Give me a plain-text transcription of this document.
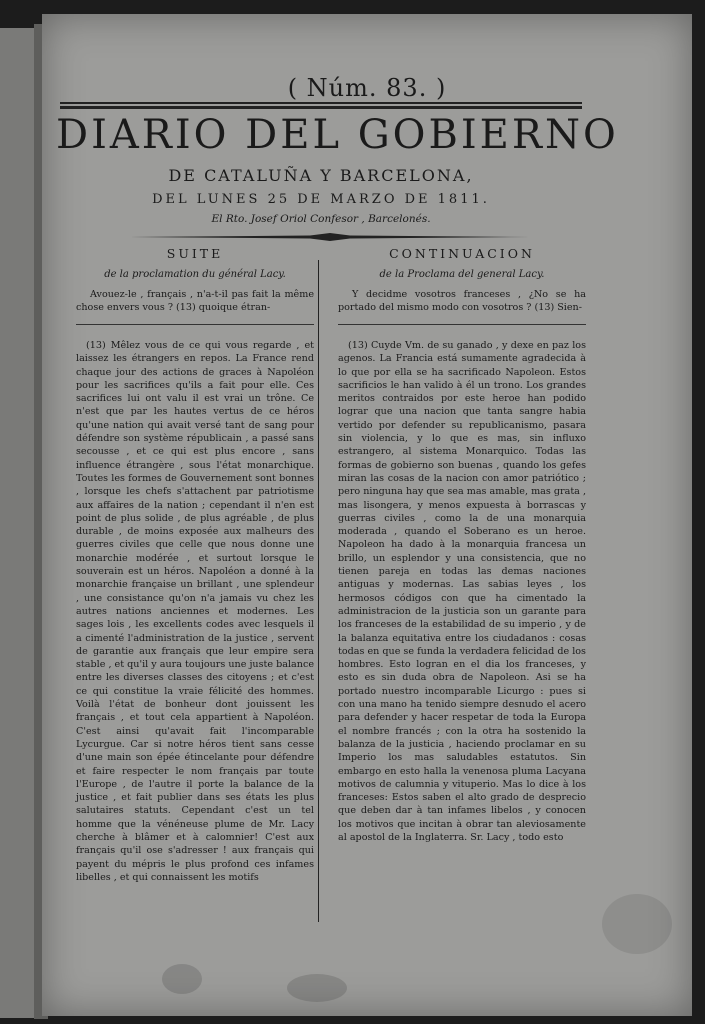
( Núm. 83. )
DIARIO DEL GOBIERNO
DE CATALUÑA Y BARCELONA,
DEL LUNES 25 DE MARZO DE 1811.
El Rto. Josef Oriol Confesor , Barcelonés.
SUITE
de la proclamation du général Lacy.
Avouez-le , français , n'a-t-il pas fait la même chose envers vous ? (13) quoique étran-
(13) Mêlez vous de ce qui vous regarde , et laissez les étrangers en repos. La France rend chaque jour des actions de graces à Napoléon pour les sacrifices qu'ils a fait pour elle. Ces sacrifices lui ont valu il est vrai un trône. Ce n'est que par les hautes vertus de ce héros qu'une nation qui avait versé tant de sang pour défendre son système républicain , a passé sans secousse , et ce qui est plus encore , sans influence étrangère , sous l'état monarchique. Toutes les formes de Gouvernement sont bonnes , lorsque les chefs s'attachent par patriotisme aux affaires de la nation ; cependant il n'en est point de plus solide , de plus agréable , de plus durable , de moins exposée aux malheurs des guerres civiles que celle que nous donne une monarchie modérée , et surtout lorsque le souverain est un héros. Napoléon a donné à la monarchie française un brillant , une splendeur , une consistance qu'on n'a jamais vu chez les autres nations anciennes et modernes. Les sages lois , les excellents codes avec lesquels il a cimenté l'administration de la justice , servent de garantie aux français que leur empire sera stable , et qu'il y aura toujours une juste balance entre les diverses classes des citoyens ; et c'est ce qui constitue la vraie félicité des hommes. Voilà l'état de bonheur dont jouissent les français , et tout cela appartient à Napoléon. C'est ainsi qu'avait fait l'incomparable Lycurgue. Car si notre héros tient sans cesse d'une main son épée étincelante pour défendre et faire respecter le nom français par toute l'Europe , de l'autre il porte la balance de la justice , et fait publier dans ses états les plus salutaires statuts. Cependant c'est un tel homme que la vénéneuse plume de Mr. Lacy cherche à blâmer et à calomnier! C'est aux français qu'il ose s'adresser ! aux français qui payent du mépris le plus profond ces infames libelles , et qui connaissent les motifs
CONTINUACION
de la Proclama del general Lacy.
Y decidme vosotros franceses , ¿No se ha portado del mismo modo con vosotros ? (13) Sien-
(13) Cuyde Vm. de su ganado , y dexe en paz los agenos. La Francia está sumamente agradecida à lo que por ella se ha sacrificado Napoleon. Estos sacrificios le han valido à él un trono. Los grandes meritos contraidos por este heroe han podido lograr que una nacion que tanta sangre habia vertido por defender su republicanismo, pasara sin violencia, y lo que es mas, sin influxo estrangero, al sistema Monarquico. Todas las formas de gobierno son buenas , quando los gefes miran las cosas de la nacion con amor patriótico ; pero ninguna hay que sea mas amable, mas grata , mas lisongera, y menos expuesta à borrascas y guerras civiles , como la de una monarquia moderada , quando el Soberano es un heroe. Napoleon ha dado à la monarquia francesa un brillo, un esplendor y una consistencia, que no tienen pareja en todas las demas naciones antiguas y modernas. Las sabias leyes , los hermosos códigos con que ha cimentado la administracion de la justicia son un garante para los franceses de la estabilidad de su imperio , y de la balanza equitativa entre los ciudadanos : cosas todas en que se funda la verdadera felicidad de los hombres. Esto logran en el dia los franceses, y esto es sin duda obra de Napoleon. Asi se ha portado nuestro incomparable Licurgo : pues si con una mano ha tenido siempre desnudo el acero para defender y hacer respetar de toda la Europa el nombre francés ; con la otra ha sostenido la balanza de la justicia , haciendo proclamar en su Imperio los mas saludables estatutos. Sin embargo en esto halla la venenosa pluma Lacyana motivos de calumnia y vituperio. Mas lo dice à los franceses: Estos saben el alto grado de desprecio que deben dar à tan infames libelos , y conocen los motivos que incitan à obrar tan aleviosamente al apostol de la Inglaterra. Sr. Lacy , todo esto
